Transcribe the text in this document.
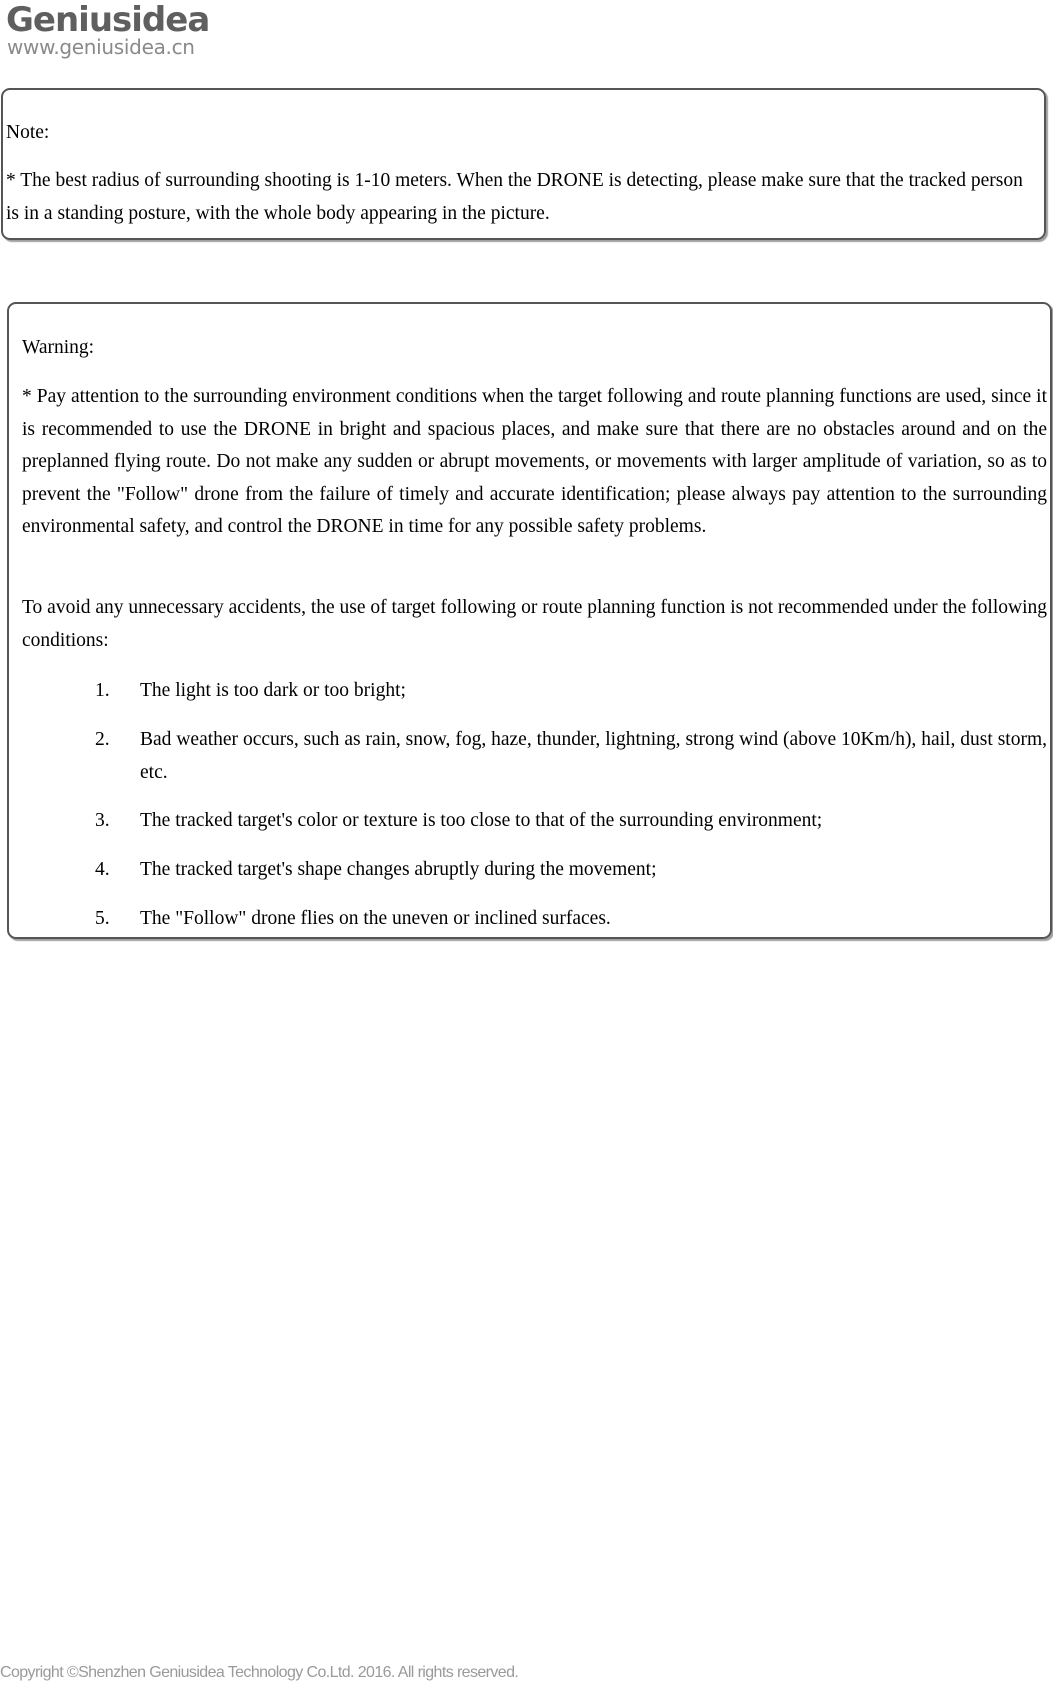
Geniusidea
www.geniusidea.cn
Note:
* The best radius of surrounding shooting is 1-10 meters. When the DRONE is detecting, please make sure that the tracked person is in a standing posture, with the whole body appearing in the picture.
Warning:
* Pay attention to the surrounding environment conditions when the target following and route planning functions are used, since it is recommended to use the DRONE in bright and spacious places, and make sure that there are no obstacles around and on the preplanned flying route. Do not make any sudden or abrupt movements, or movements with larger amplitude of variation, so as to prevent the "Follow" drone from the failure of timely and accurate identification; please always pay attention to the surrounding environmental safety, and control the DRONE in time for any possible safety problems.
To avoid any unnecessary accidents, the use of target following or route planning function is not recommended under the following conditions:
1.	The light is too dark or too bright;
2.	Bad weather occurs, such as rain, snow, fog, haze, thunder, lightning, strong wind (above 10Km/h), hail, dust storm, etc.
3.	The tracked target's color or texture is too close to that of the surrounding environment;
4.	The tracked target's shape changes abruptly during the movement;
5.	The "Follow" drone flies on the uneven or inclined surfaces.
Copyright ©Shenzhen Geniusidea Technology Co.Ltd. 2016. All rights reserved.
